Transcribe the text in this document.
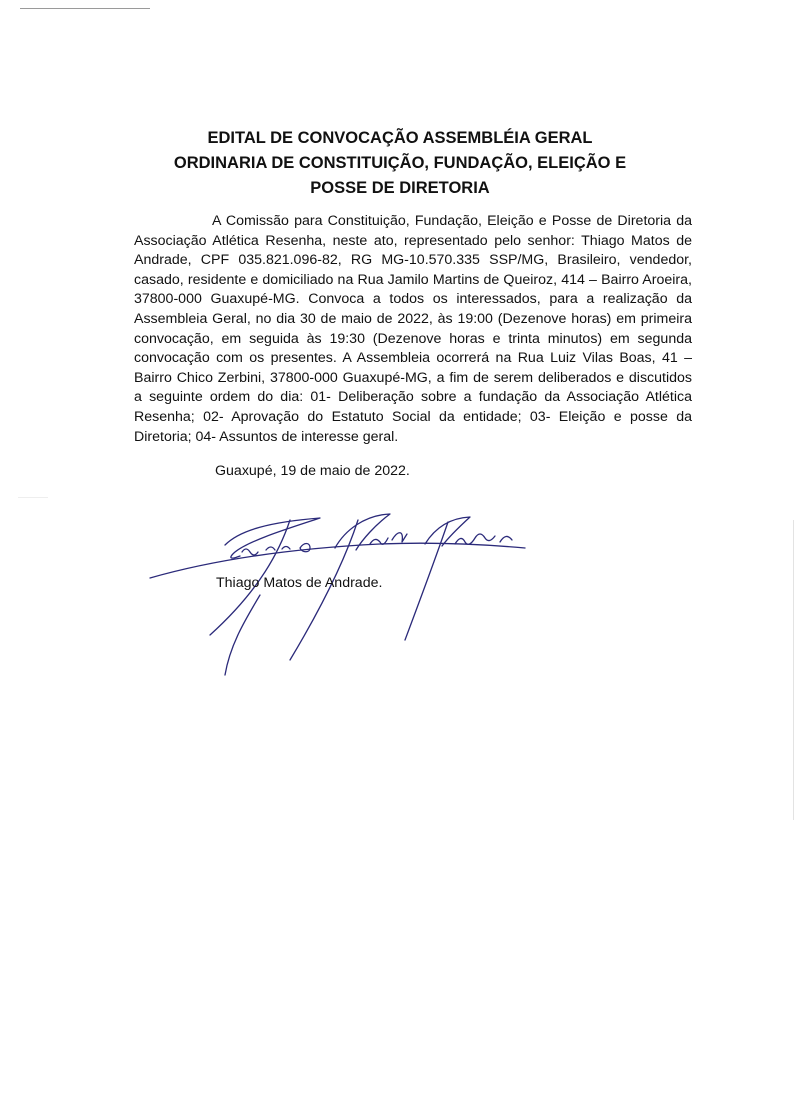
EDITAL DE CONVOCAÇÃO ASSEMBLÉIA GERAL
ORDINARIA DE CONSTITUIÇÃO, FUNDAÇÃO, ELEIÇÃO E
POSSE DE DIRETORIA

A Comissão para Constituição, Fundação, Eleição e Posse de Diretoria da Associação Atlética Resenha, neste ato, representado pelo senhor: Thiago Matos de Andrade, CPF 035.821.096-82, RG MG-10.570.335 SSP/MG, Brasileiro, vendedor, casado, residente e domiciliado na Rua Jamilo Martins de Queiroz, 414 – Bairro Aroeira, 37800-000 Guaxupé-MG. Convoca a todos os interessados, para a realização da Assembleia Geral, no dia 30 de maio de 2022, às 19:00 (Dezenove horas) em primeira convocação, em seguida às 19:30 (Dezenove horas e trinta minutos) em segunda convocação com os presentes. A Assembleia ocorrerá na Rua Luiz Vilas Boas, 41 – Bairro Chico Zerbini, 37800-000 Guaxupé-MG, a fim de serem deliberados e discutidos a seguinte ordem do dia: 01- Deliberação sobre a fundação da Associação Atlética Resenha; 02- Aprovação do Estatuto Social da entidade; 03- Eleição e posse da Diretoria; 04- Assuntos de interesse geral.

Guaxupé, 19 de maio de 2022.

Thiago Matos de Andrade.
